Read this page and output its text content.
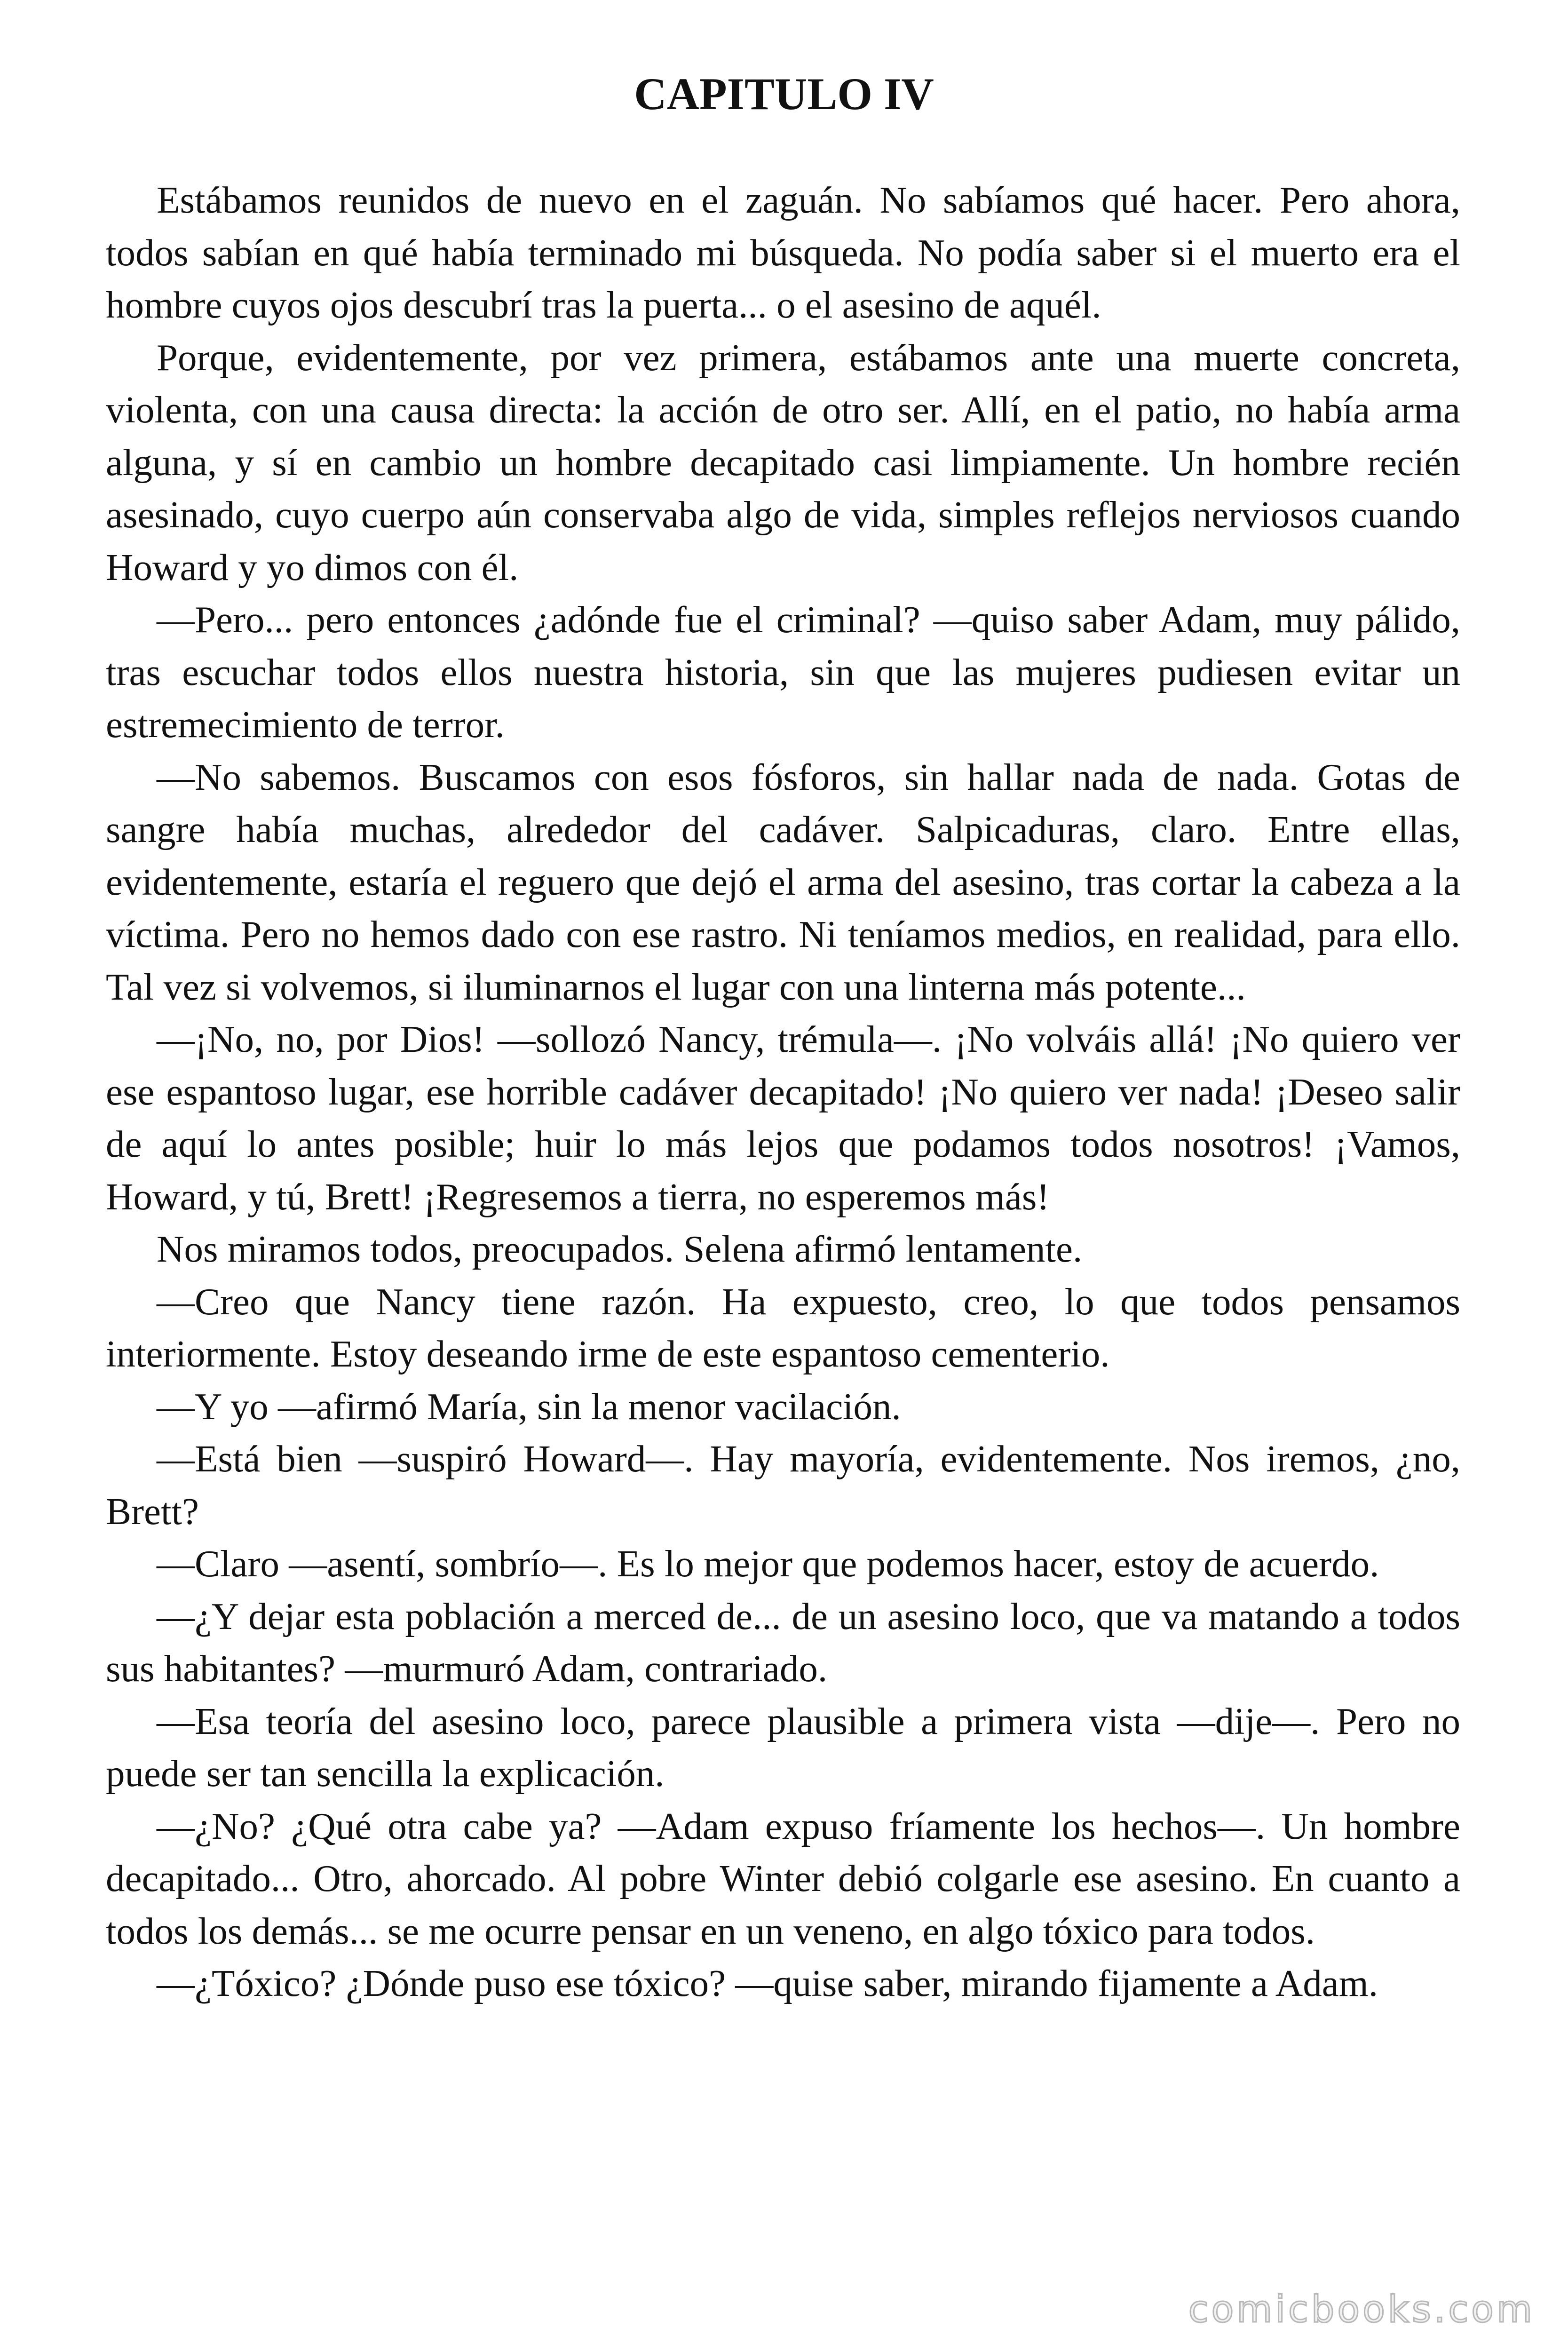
CAPITULO IV

Estábamos reunidos de nuevo en el zaguán. No sabíamos qué hacer. Pero ahora, todos sabían en qué había terminado mi búsqueda. No podía saber si el muerto era el hombre cuyos ojos descubrí tras la puerta... o el asesino de aquél.

Porque, evidentemente, por vez primera, estábamos ante una muerte concreta, violenta, con una causa directa: la acción de otro ser. Allí, en el patio, no había arma alguna, y sí en cambio un hombre decapitado casi limpiamente. Un hombre recién asesinado, cuyo cuerpo aún conservaba algo de vida, simples reflejos nerviosos cuando Howard y yo dimos con él.

—Pero... pero entonces ¿adónde fue el criminal? —quiso saber Adam, muy pálido, tras escuchar todos ellos nuestra historia, sin que las mujeres pudiesen evitar un estremecimiento de terror.

—No sabemos. Buscamos con esos fósforos, sin hallar nada de nada. Gotas de sangre había muchas, alrededor del cadáver. Salpicaduras, claro. Entre ellas, evidentemente, estaría el reguero que dejó el arma del asesino, tras cortar la cabeza a la víctima. Pero no hemos dado con ese rastro. Ni teníamos medios, en realidad, para ello. Tal vez si volvemos, si iluminarnos el lugar con una linterna más potente...

—¡No, no, por Dios! —sollozó Nancy, trémula—. ¡No volváis allá! ¡No quiero ver ese espantoso lugar, ese horrible cadáver decapitado! ¡No quiero ver nada! ¡Deseo salir de aquí lo antes posible; huir lo más lejos que podamos todos nosotros! ¡Vamos, Howard, y tú, Brett! ¡Regresemos a tierra, no esperemos más!

Nos miramos todos, preocupados. Selena afirmó lentamente.

—Creo que Nancy tiene razón. Ha expuesto, creo, lo que todos pensamos interiormente. Estoy deseando irme de este espantoso cementerio.

—Y yo —afirmó María, sin la menor vacilación.

—Está bien —suspiró Howard—. Hay mayoría, evidentemente. Nos iremos, ¿no, Brett?

—Claro —asentí, sombrío—. Es lo mejor que podemos hacer, estoy de acuerdo.

—¿Y dejar esta población a merced de... de un asesino loco, que va matando a todos sus habitantes? —murmuró Adam, contrariado.

—Esa teoría del asesino loco, parece plausible a primera vista —dije—. Pero no puede ser tan sencilla la explicación.

—¿No? ¿Qué otra cabe ya? —Adam expuso fríamente los hechos—. Un hombre decapitado... Otro, ahorcado. Al pobre Winter debió colgarle ese asesino. En cuanto a todos los demás... se me ocurre pensar en un veneno, en algo tóxico para todos.

—¿Tóxico? ¿Dónde puso ese tóxico? —quise saber, mirando fijamente a Adam.

comicbooks.com
